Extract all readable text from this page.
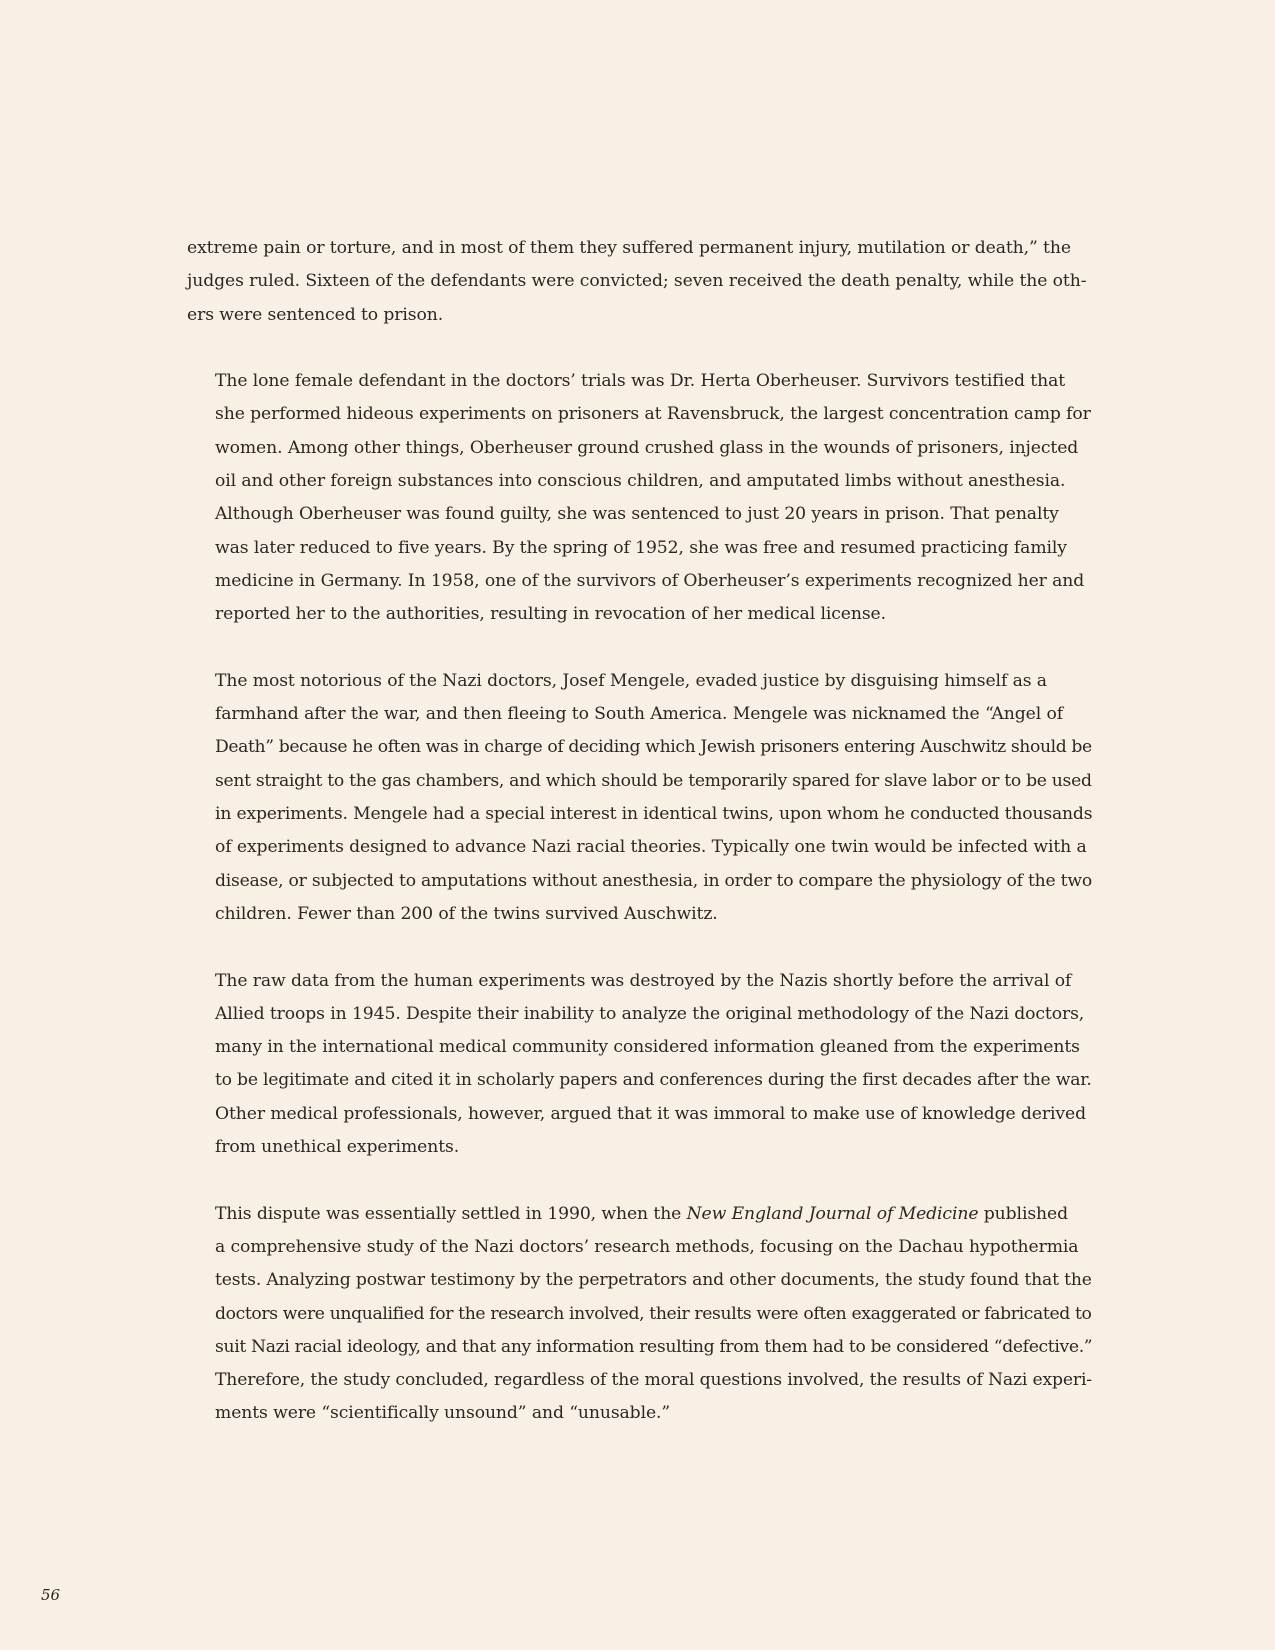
extreme pain or torture, and in most of them they suffered permanent injury, mutilation or death,” the
judges ruled. Sixteen of the defendants were convicted; seven received the death penalty, while the oth-
ers were sentenced to prison.

The lone female defendant in the doctors’ trials was Dr. Herta Oberheuser. Survivors testified that
she performed hideous experiments on prisoners at Ravensbruck, the largest concentration camp for
women. Among other things, Oberheuser ground crushed glass in the wounds of prisoners, injected
oil and other foreign substances into conscious children, and amputated limbs without anesthesia.
Although Oberheuser was found guilty, she was sentenced to just 20 years in prison. That penalty
was later reduced to five years. By the spring of 1952, she was free and resumed practicing family
medicine in Germany. In 1958, one of the survivors of Oberheuser’s experiments recognized her and
reported her to the authorities, resulting in revocation of her medical license.

The most notorious of the Nazi doctors, Josef Mengele, evaded justice by disguising himself as a
farmhand after the war, and then fleeing to South America. Mengele was nicknamed the “Angel of
Death” because he often was in charge of deciding which Jewish prisoners entering Auschwitz should be
sent straight to the gas chambers, and which should be temporarily spared for slave labor or to be used
in experiments. Mengele had a special interest in identical twins, upon whom he conducted thousands
of experiments designed to advance Nazi racial theories. Typically one twin would be infected with a
disease, or subjected to amputations without anesthesia, in order to compare the physiology of the two
children. Fewer than 200 of the twins survived Auschwitz.

The raw data from the human experiments was destroyed by the Nazis shortly before the arrival of
Allied troops in 1945. Despite their inability to analyze the original methodology of the Nazi doctors,
many in the international medical community considered information gleaned from the experiments
to be legitimate and cited it in scholarly papers and conferences during the first decades after the war.
Other medical professionals, however, argued that it was immoral to make use of knowledge derived
from unethical experiments.

This dispute was essentially settled in 1990, when the New England Journal of Medicine published
a comprehensive study of the Nazi doctors’ research methods, focusing on the Dachau hypothermia
tests. Analyzing postwar testimony by the perpetrators and other documents, the study found that the
doctors were unqualified for the research involved, their results were often exaggerated or fabricated to
suit Nazi racial ideology, and that any information resulting from them had to be considered “defective.”
Therefore, the study concluded, regardless of the moral questions involved, the results of Nazi experi-
ments were “scientifically unsound” and “unusable.”

56
